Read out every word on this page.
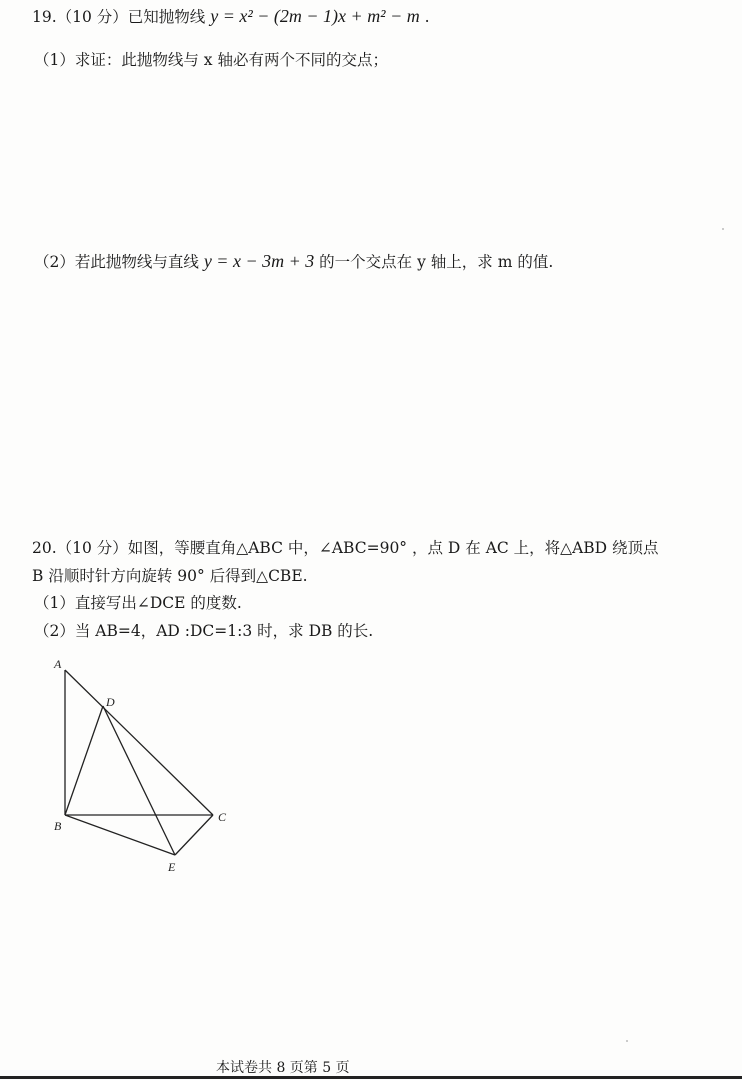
19.（10 分）已知抛物线 y = x² − (2m − 1)x + m² − m .
（1）求证：此抛物线与 x 轴必有两个不同的交点；
（2）若此抛物线与直线 y = x − 3m + 3 的一个交点在 y 轴上，求 m 的值.
20.（10 分）如图，等腰直角△ABC 中，∠ABC=90° ，点 D 在 AC 上，将△ABD 绕顶点
B 沿顺时针方向旋转 90° 后得到△CBE.
（1）直接写出∠DCE 的度数.
（2）当 AB=4，AD :DC=1:3 时，求 DB 的长.
A
D
B
C
E
本试卷共 8 页第 5 页
